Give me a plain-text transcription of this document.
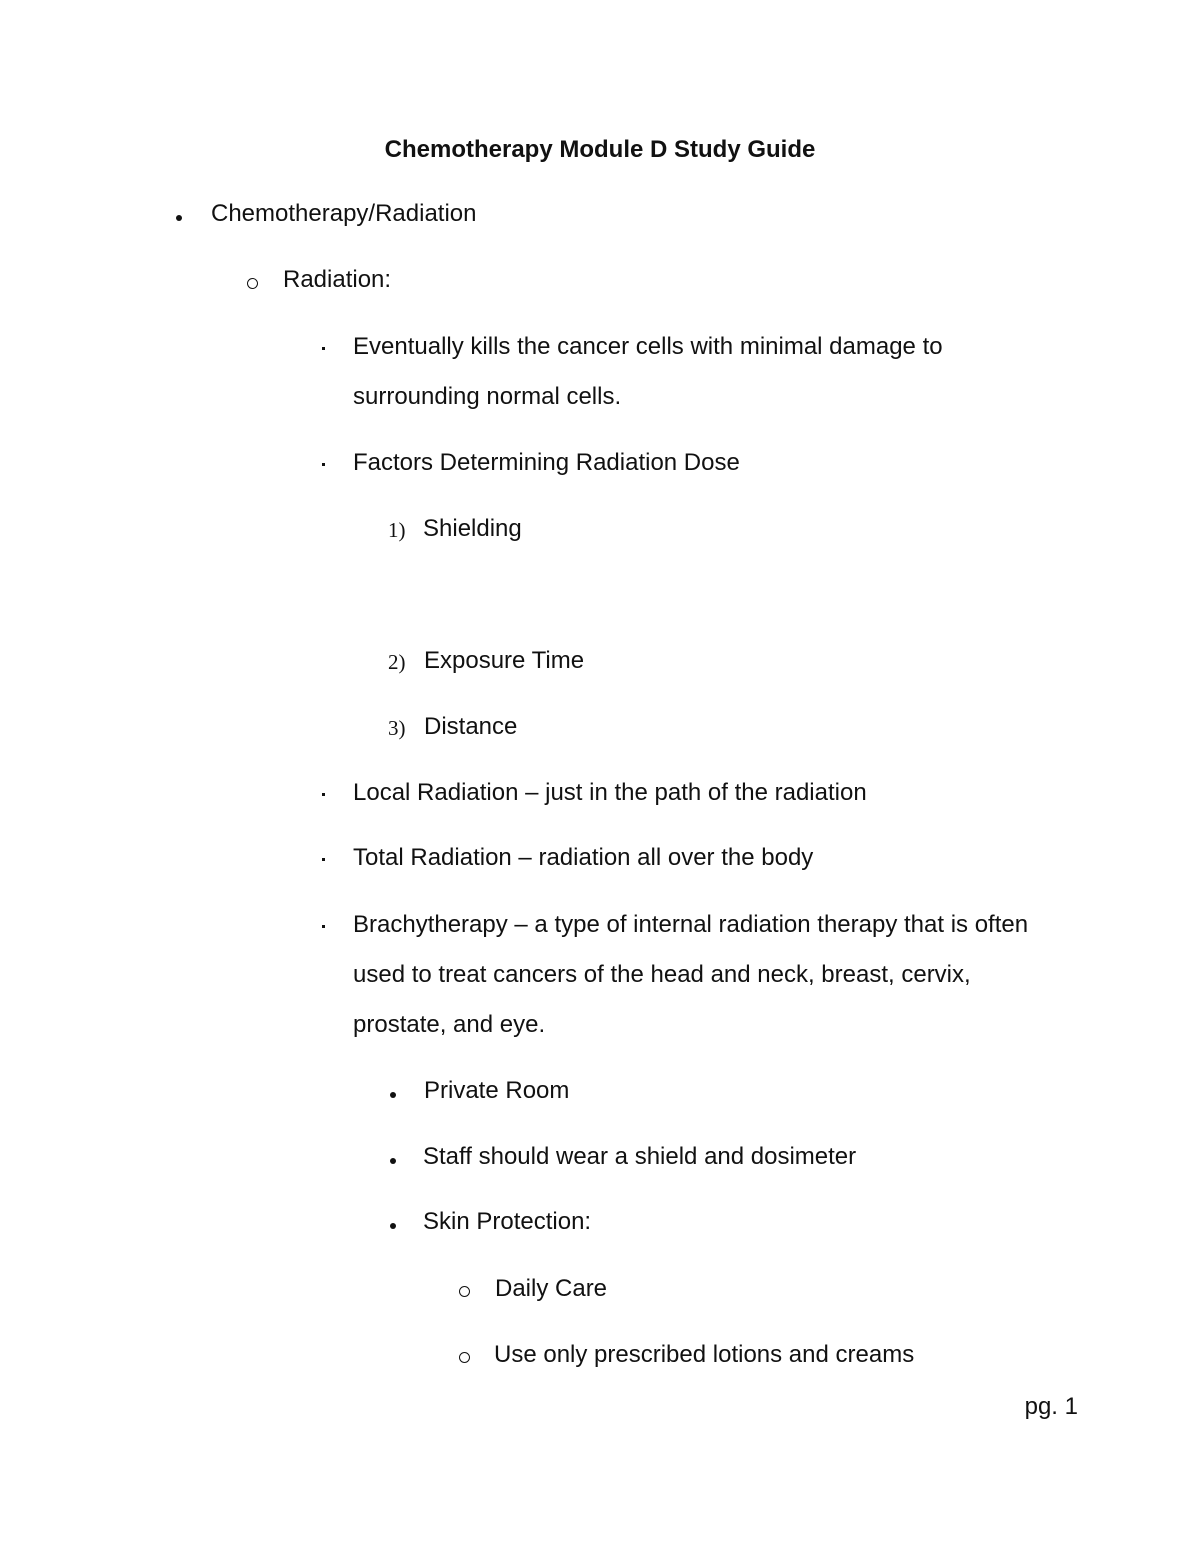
Chemotherapy Module D Study Guide
Chemotherapy/Radiation
Radiation:
Eventually kills the cancer cells with minimal damage to
surrounding normal cells.
Factors Determining Radiation Dose
1) Shielding
2) Exposure Time
3) Distance
Local Radiation – just in the path of the radiation
Total Radiation – radiation all over the body
Brachytherapy – a type of internal radiation therapy that is often
used to treat cancers of the head and neck, breast, cervix,
prostate, and eye.
Private Room
Staff should wear a shield and dosimeter
Skin Protection:
Daily Care
Use only prescribed lotions and creams
pg. 1
